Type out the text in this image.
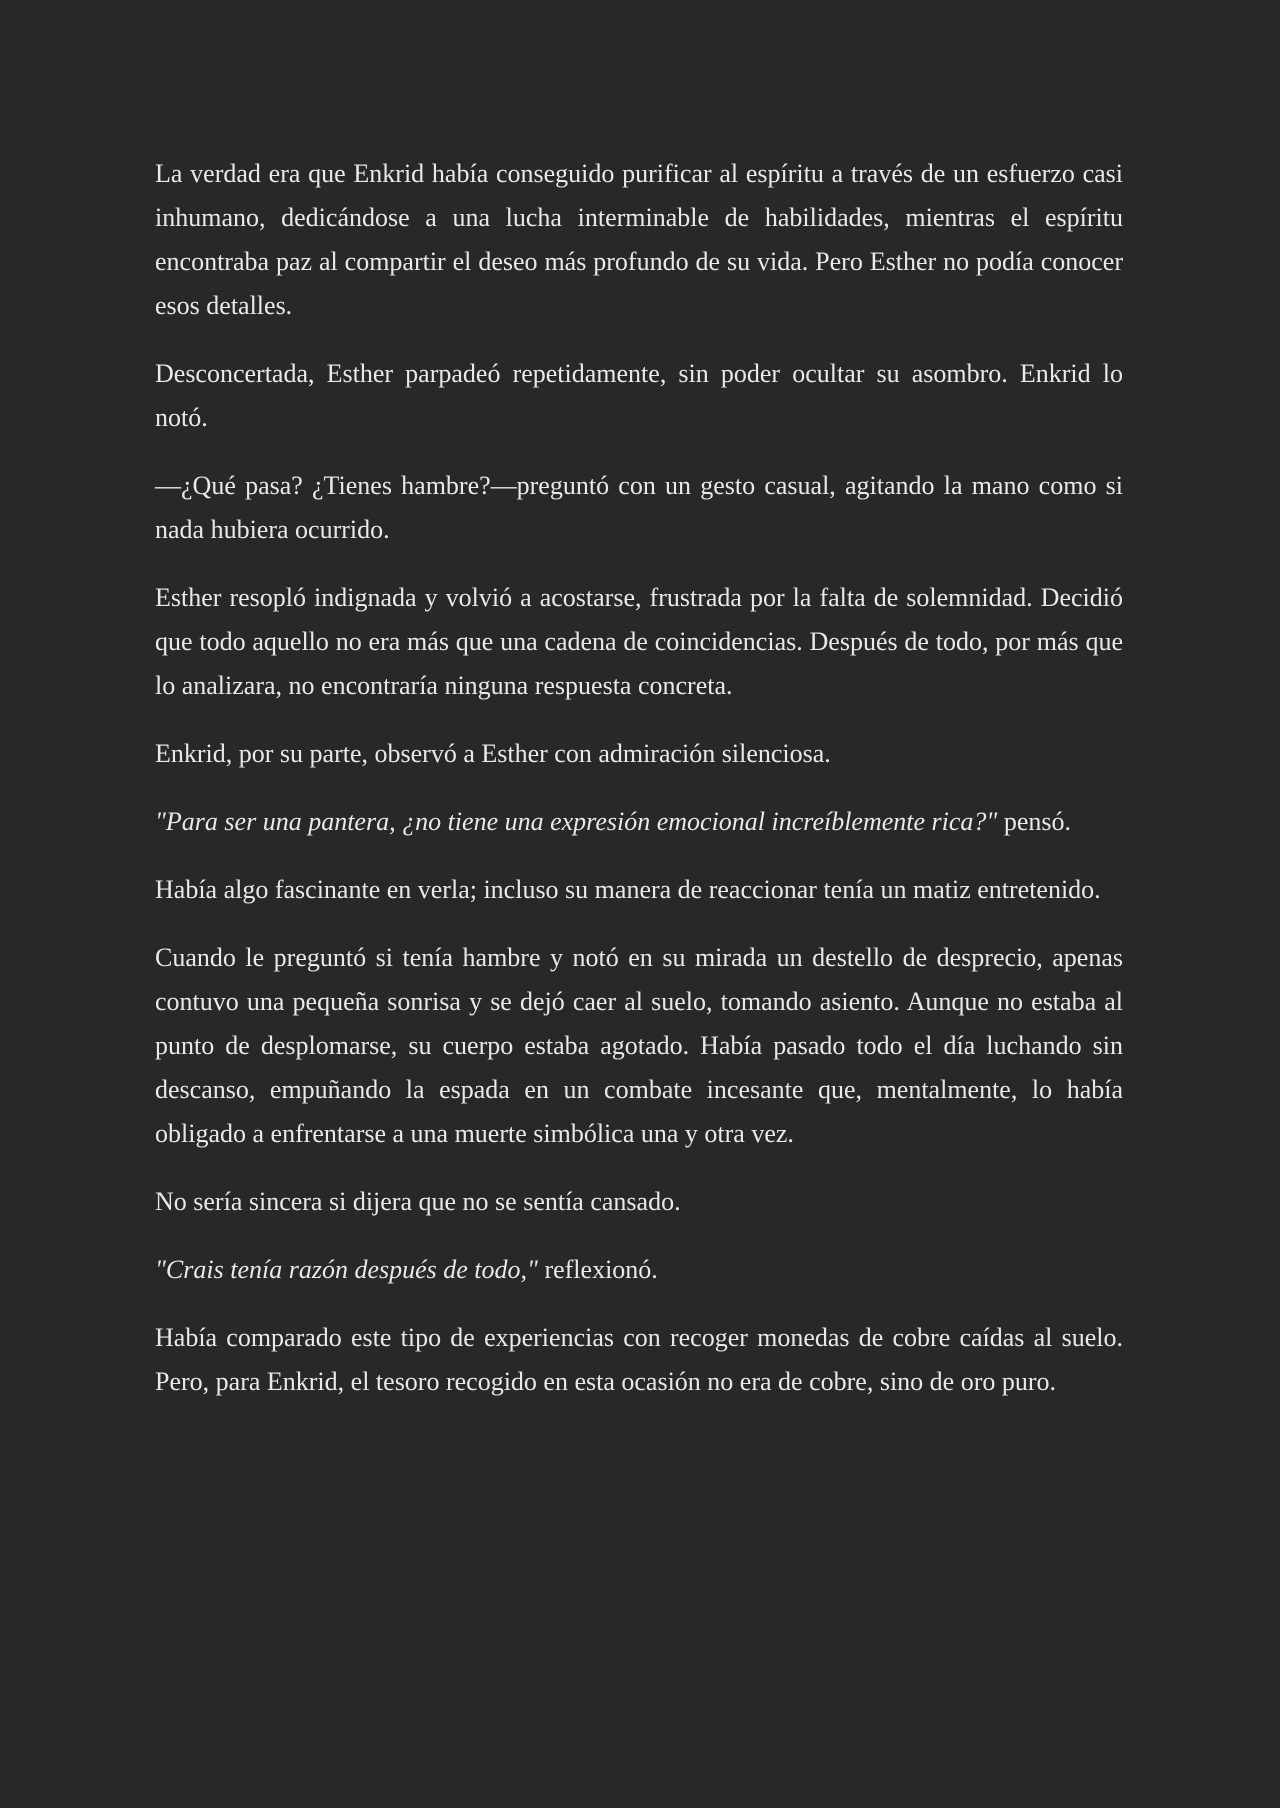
La verdad era que Enkrid había conseguido purificar al espíritu a través de un esfuerzo casi inhumano, dedicándose a una lucha interminable de habilidades, mientras el espíritu encontraba paz al compartir el deseo más profundo de su vida. Pero Esther no podía conocer esos detalles.

Desconcertada, Esther parpadeó repetidamente, sin poder ocultar su asombro. Enkrid lo notó.

—¿Qué pasa? ¿Tienes hambre?—preguntó con un gesto casual, agitando la mano como si nada hubiera ocurrido.

Esther resopló indignada y volvió a acostarse, frustrada por la falta de solemnidad. Decidió que todo aquello no era más que una cadena de coincidencias. Después de todo, por más que lo analizara, no encontraría ninguna respuesta concreta.

Enkrid, por su parte, observó a Esther con admiración silenciosa.

"Para ser una pantera, ¿no tiene una expresión emocional increíblemente rica?" pensó.

Había algo fascinante en verla; incluso su manera de reaccionar tenía un matiz entretenido.

Cuando le preguntó si tenía hambre y notó en su mirada un destello de desprecio, apenas contuvo una pequeña sonrisa y se dejó caer al suelo, tomando asiento. Aunque no estaba al punto de desplomarse, su cuerpo estaba agotado. Había pasado todo el día luchando sin descanso, empuñando la espada en un combate incesante que, mentalmente, lo había obligado a enfrentarse a una muerte simbólica una y otra vez.

No sería sincera si dijera que no se sentía cansado.

"Crais tenía razón después de todo," reflexionó.

Había comparado este tipo de experiencias con recoger monedas de cobre caídas al suelo. Pero, para Enkrid, el tesoro recogido en esta ocasión no era de cobre, sino de oro puro.
